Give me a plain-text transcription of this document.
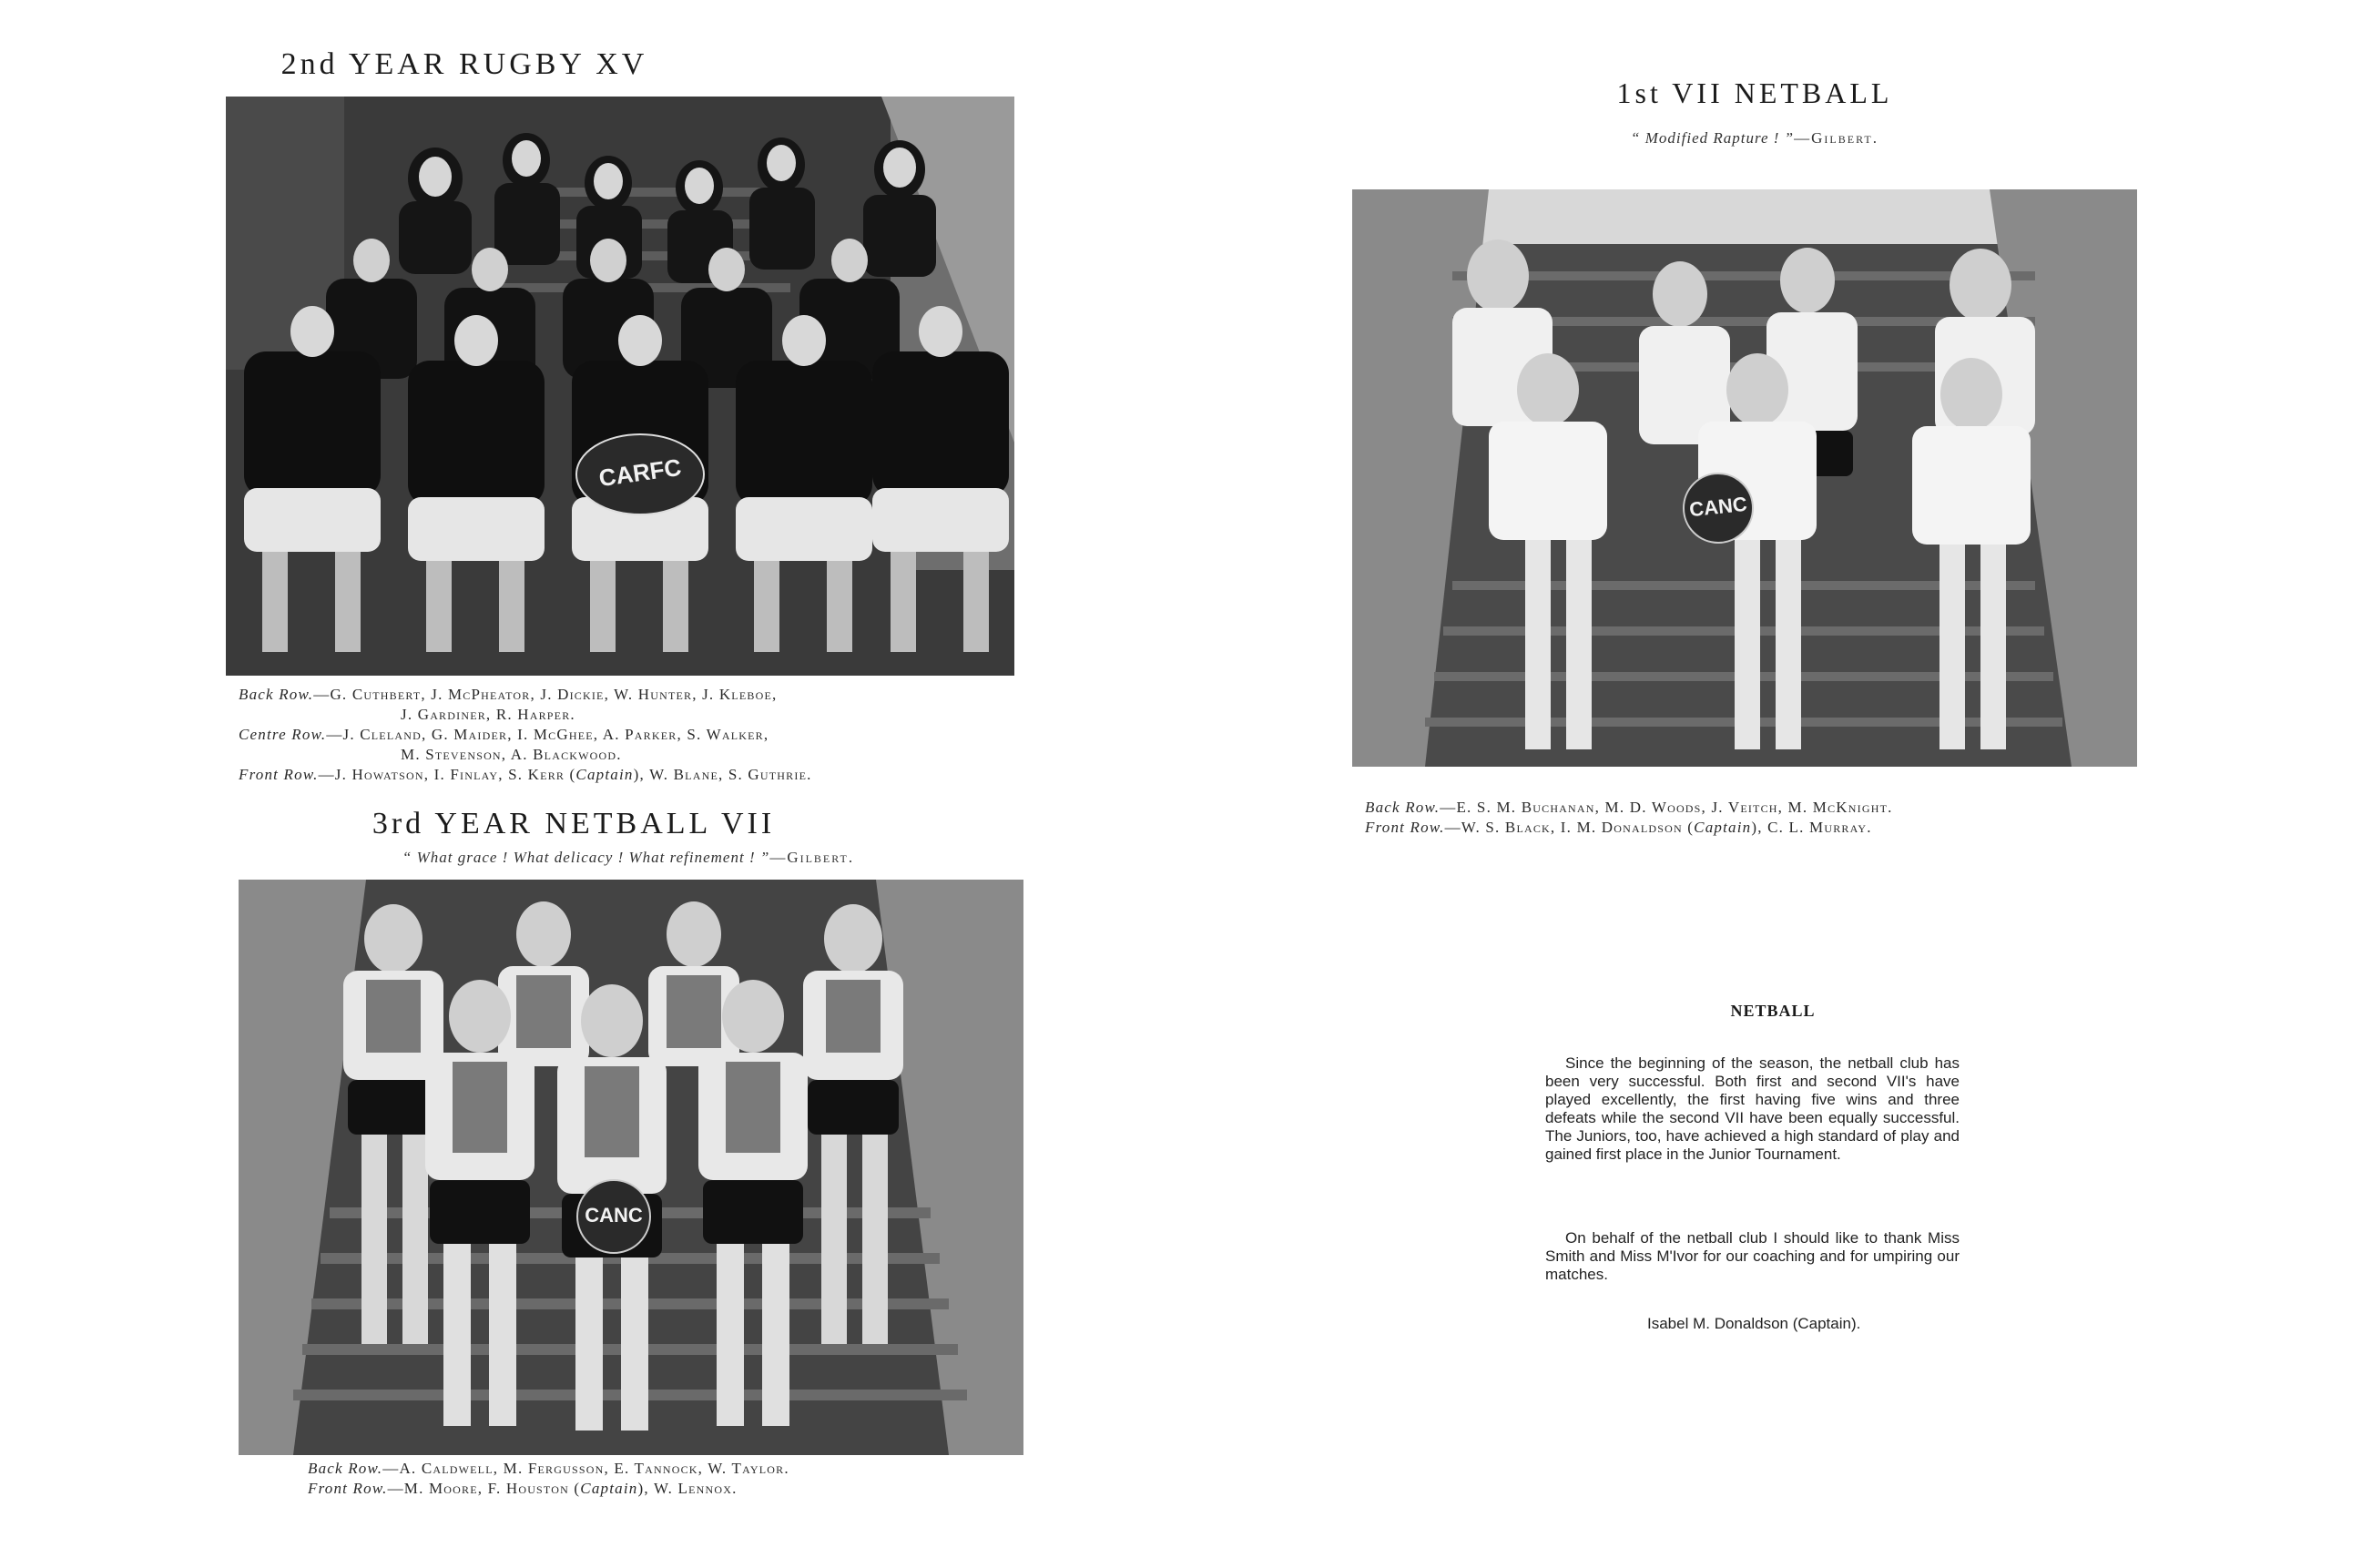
2nd YEAR RUGBY XV
CARFC
Back Row.—G. Cuthbert, J. McPheator, J. Dickie, W. Hunter, J. Kleboe,
J. Gardiner, R. Harper.
Centre Row.—J. Cleland, G. Maider, I. McGhee, A. Parker, S. Walker,
M. Stevenson, A. Blackwood.
Front Row.—J. Howatson, I. Finlay, S. Kerr (Captain), W. Blane, S. Guthrie.
3rd YEAR NETBALL VII
“ What grace ! What delicacy ! What refinement ! ”—Gilbert.
CANC
Back Row.—A. Caldwell, M. Fergusson, E. Tannock, W. Taylor.
Front Row.—M. Moore, F. Houston (Captain), W. Lennox.
1st VII NETBALL
“ Modified Rapture ! ”—Gilbert.
CANC
Back Row.—E. S. M. Buchanan, M. D. Woods, J. Veitch, M. McKnight.
Front Row.—W. S. Black, I. M. Donaldson (Captain), C. L. Murray.
NETBALL

Since the beginning of the season, the netball club has been very successful. Both first and second VII's have played excellently, the first having five wins and three defeats while the second VII have been equally successful. The Juniors, too, have achieved a high standard of play and gained first place in the Junior Tournament.

On behalf of the netball club I should like to thank Miss Smith and Miss M'Ivor for our coaching and for umpiring our matches.

Isabel M. Donaldson (Captain).
